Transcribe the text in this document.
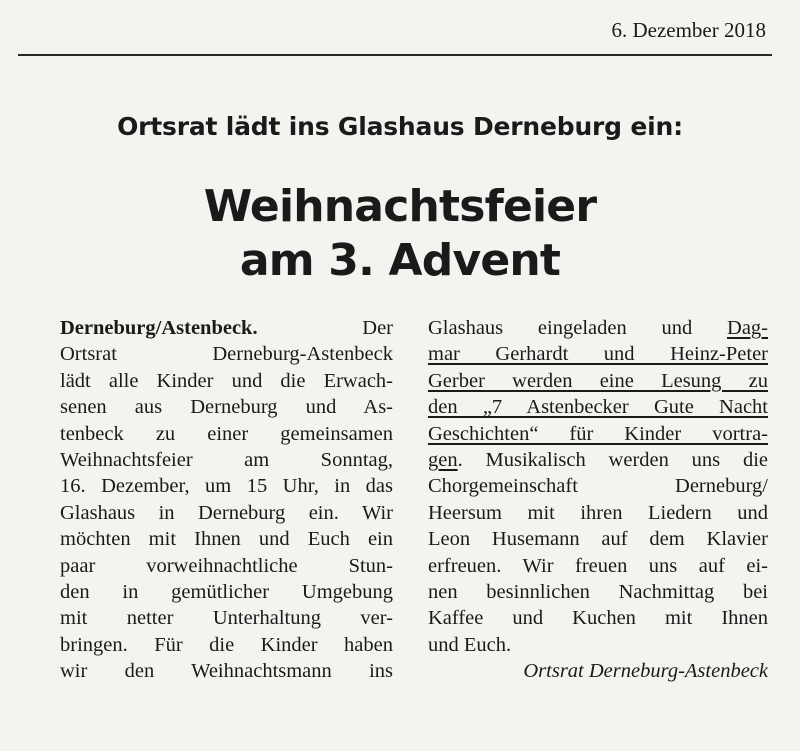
6. Dezember 2018
Ortsrat lädt ins Glashaus Derneburg ein:
Weihnachtsfeier
am 3. Advent
Derneburg/Astenbeck. Der
Ortsrat Derneburg-Astenbeck
lädt alle Kinder und die Erwach-
senen aus Derneburg und As-
tenbeck zu einer gemeinsamen
Weihnachtsfeier am Sonntag,
16. Dezember, um 15 Uhr, in das
Glashaus in Derneburg ein. Wir
möchten mit Ihnen und Euch ein
paar vorweihnachtliche Stun-
den in gemütlicher Umgebung
mit netter Unterhaltung ver-
bringen. Für die Kinder haben
wir den Weihnachtsmann ins
Glashaus eingeladen und Dag-
mar Gerhardt und Heinz-Peter
Gerber werden eine Lesung zu
den „7 Astenbecker Gute Nacht
Geschichten“ für Kinder vortra-
gen. Musikalisch werden uns die
Chorgemeinschaft Derneburg/
Heersum mit ihren Liedern und
Leon Husemann auf dem Klavier
erfreuen. Wir freuen uns auf ei-
nen besinnlichen Nachmittag bei
Kaffee und Kuchen mit Ihnen
und Euch.
Ortsrat Derneburg-Astenbeck
